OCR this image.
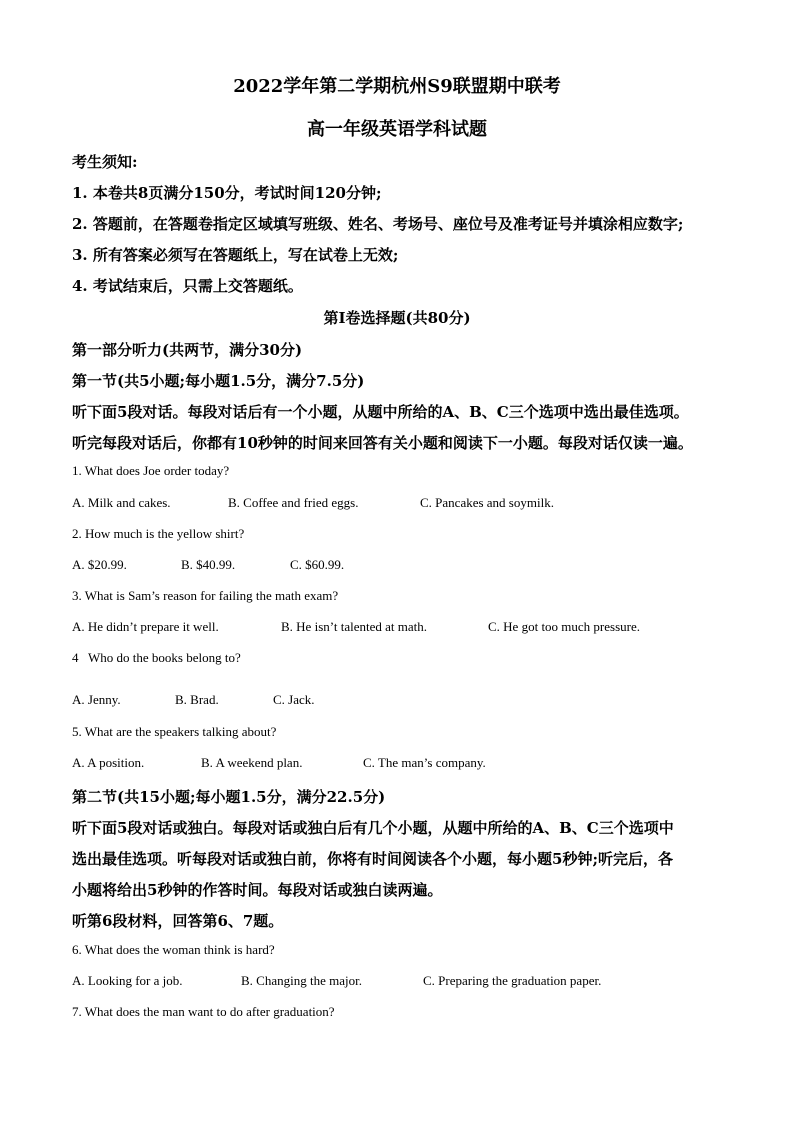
2022学年第二学期杭州S9联盟期中联考
高一年级英语学科试题
考生须知:
1. 本卷共8页满分150分，考试时间120分钟;
2. 答题前，在答题卷指定区域填写班级、姓名、考场号、座位号及准考证号并填涂相应数字;
3. 所有答案必须写在答题纸上，写在试卷上无效;
4. 考试结束后，只需上交答题纸。
第I卷选择题(共80分)
第一部分听力(共两节，满分30分)
第一节(共5小题;每小题1.5分，满分7.5分)
听下面5段对话。每段对话后有一个小题，从题中所给的A、B、C三个选项中选出最佳选项。
听完每段对话后，你都有10秒钟的时间来回答有关小题和阅读下一小题。每段对话仅读一遍。
1. What does Joe order today?
A. Milk and cakes.	B. Coffee and fried eggs.	C. Pancakes and soymilk.
2. How much is the yellow shirt?
A. $20.99.	B. $40.99.	C. $60.99.
3. What is Sam’s reason for failing the math exam?
A. He didn’t prepare it well.	B. He isn’t talented at math.	C. He got too much pressure.
4   Who do the books belong to?
A. Jenny.	B. Brad.	C. Jack.
5. What are the speakers talking about?
A. A position.	B. A weekend plan.	C. The man’s company.
第二节(共15小题;每小题1.5分，满分22.5分)
听下面5段对话或独白。每段对话或独白后有几个小题，从题中所给的A、B、C三个选项中
选出最佳选项。听每段对话或独白前，你将有时间阅读各个小题，每小题5秒钟;听完后，各
小题将给出5秒钟的作答时间。每段对话或独白读两遍。
听第6段材料，回答第6、7题。
6. What does the woman think is hard?
A. Looking for a job.	B. Changing the major.	C. Preparing the graduation paper.
7. What does the man want to do after graduation?
